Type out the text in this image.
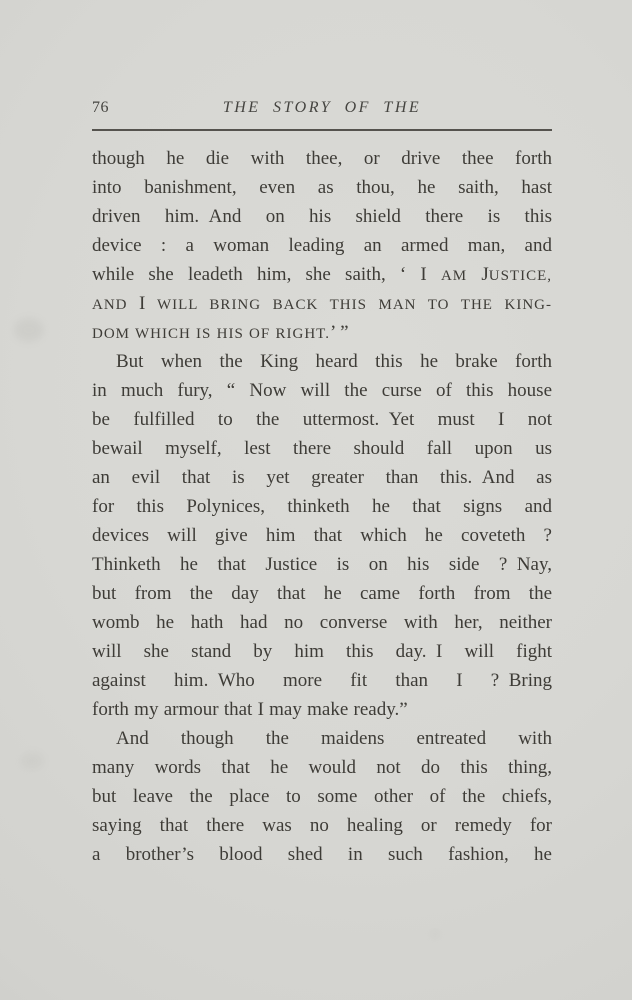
76	THE STORY OF THE
though he die with thee, or drive thee forth
into banishment, even as thou, he saith, hast
driven him. And on his shield there is this
device : a woman leading an armed man, and
while she leadeth him, she saith, ‘ I AM JUSTICE,
AND I WILL BRING BACK THIS MAN TO THE KING-
DOM WHICH IS HIS OF RIGHT.’ ”
But when the King heard this he brake forth
in much fury, “ Now will the curse of this house
be fulfilled to the uttermost. Yet must I not
bewail myself, lest there should fall upon us
an evil that is yet greater than this. And as
for this Polynices, thinketh he that signs and
devices will give him that which he coveteth ?
Thinketh he that Justice is on his side ? Nay,
but from the day that he came forth from the
womb he hath had no converse with her, neither
will she stand by him this day. I will fight
against him. Who more fit than I ? Bring
forth my armour that I may make ready.”
And though the maidens entreated with
many words that he would not do this thing,
but leave the place to some other of the chiefs,
saying that there was no healing or remedy for
a brother’s blood shed in such fashion, he
